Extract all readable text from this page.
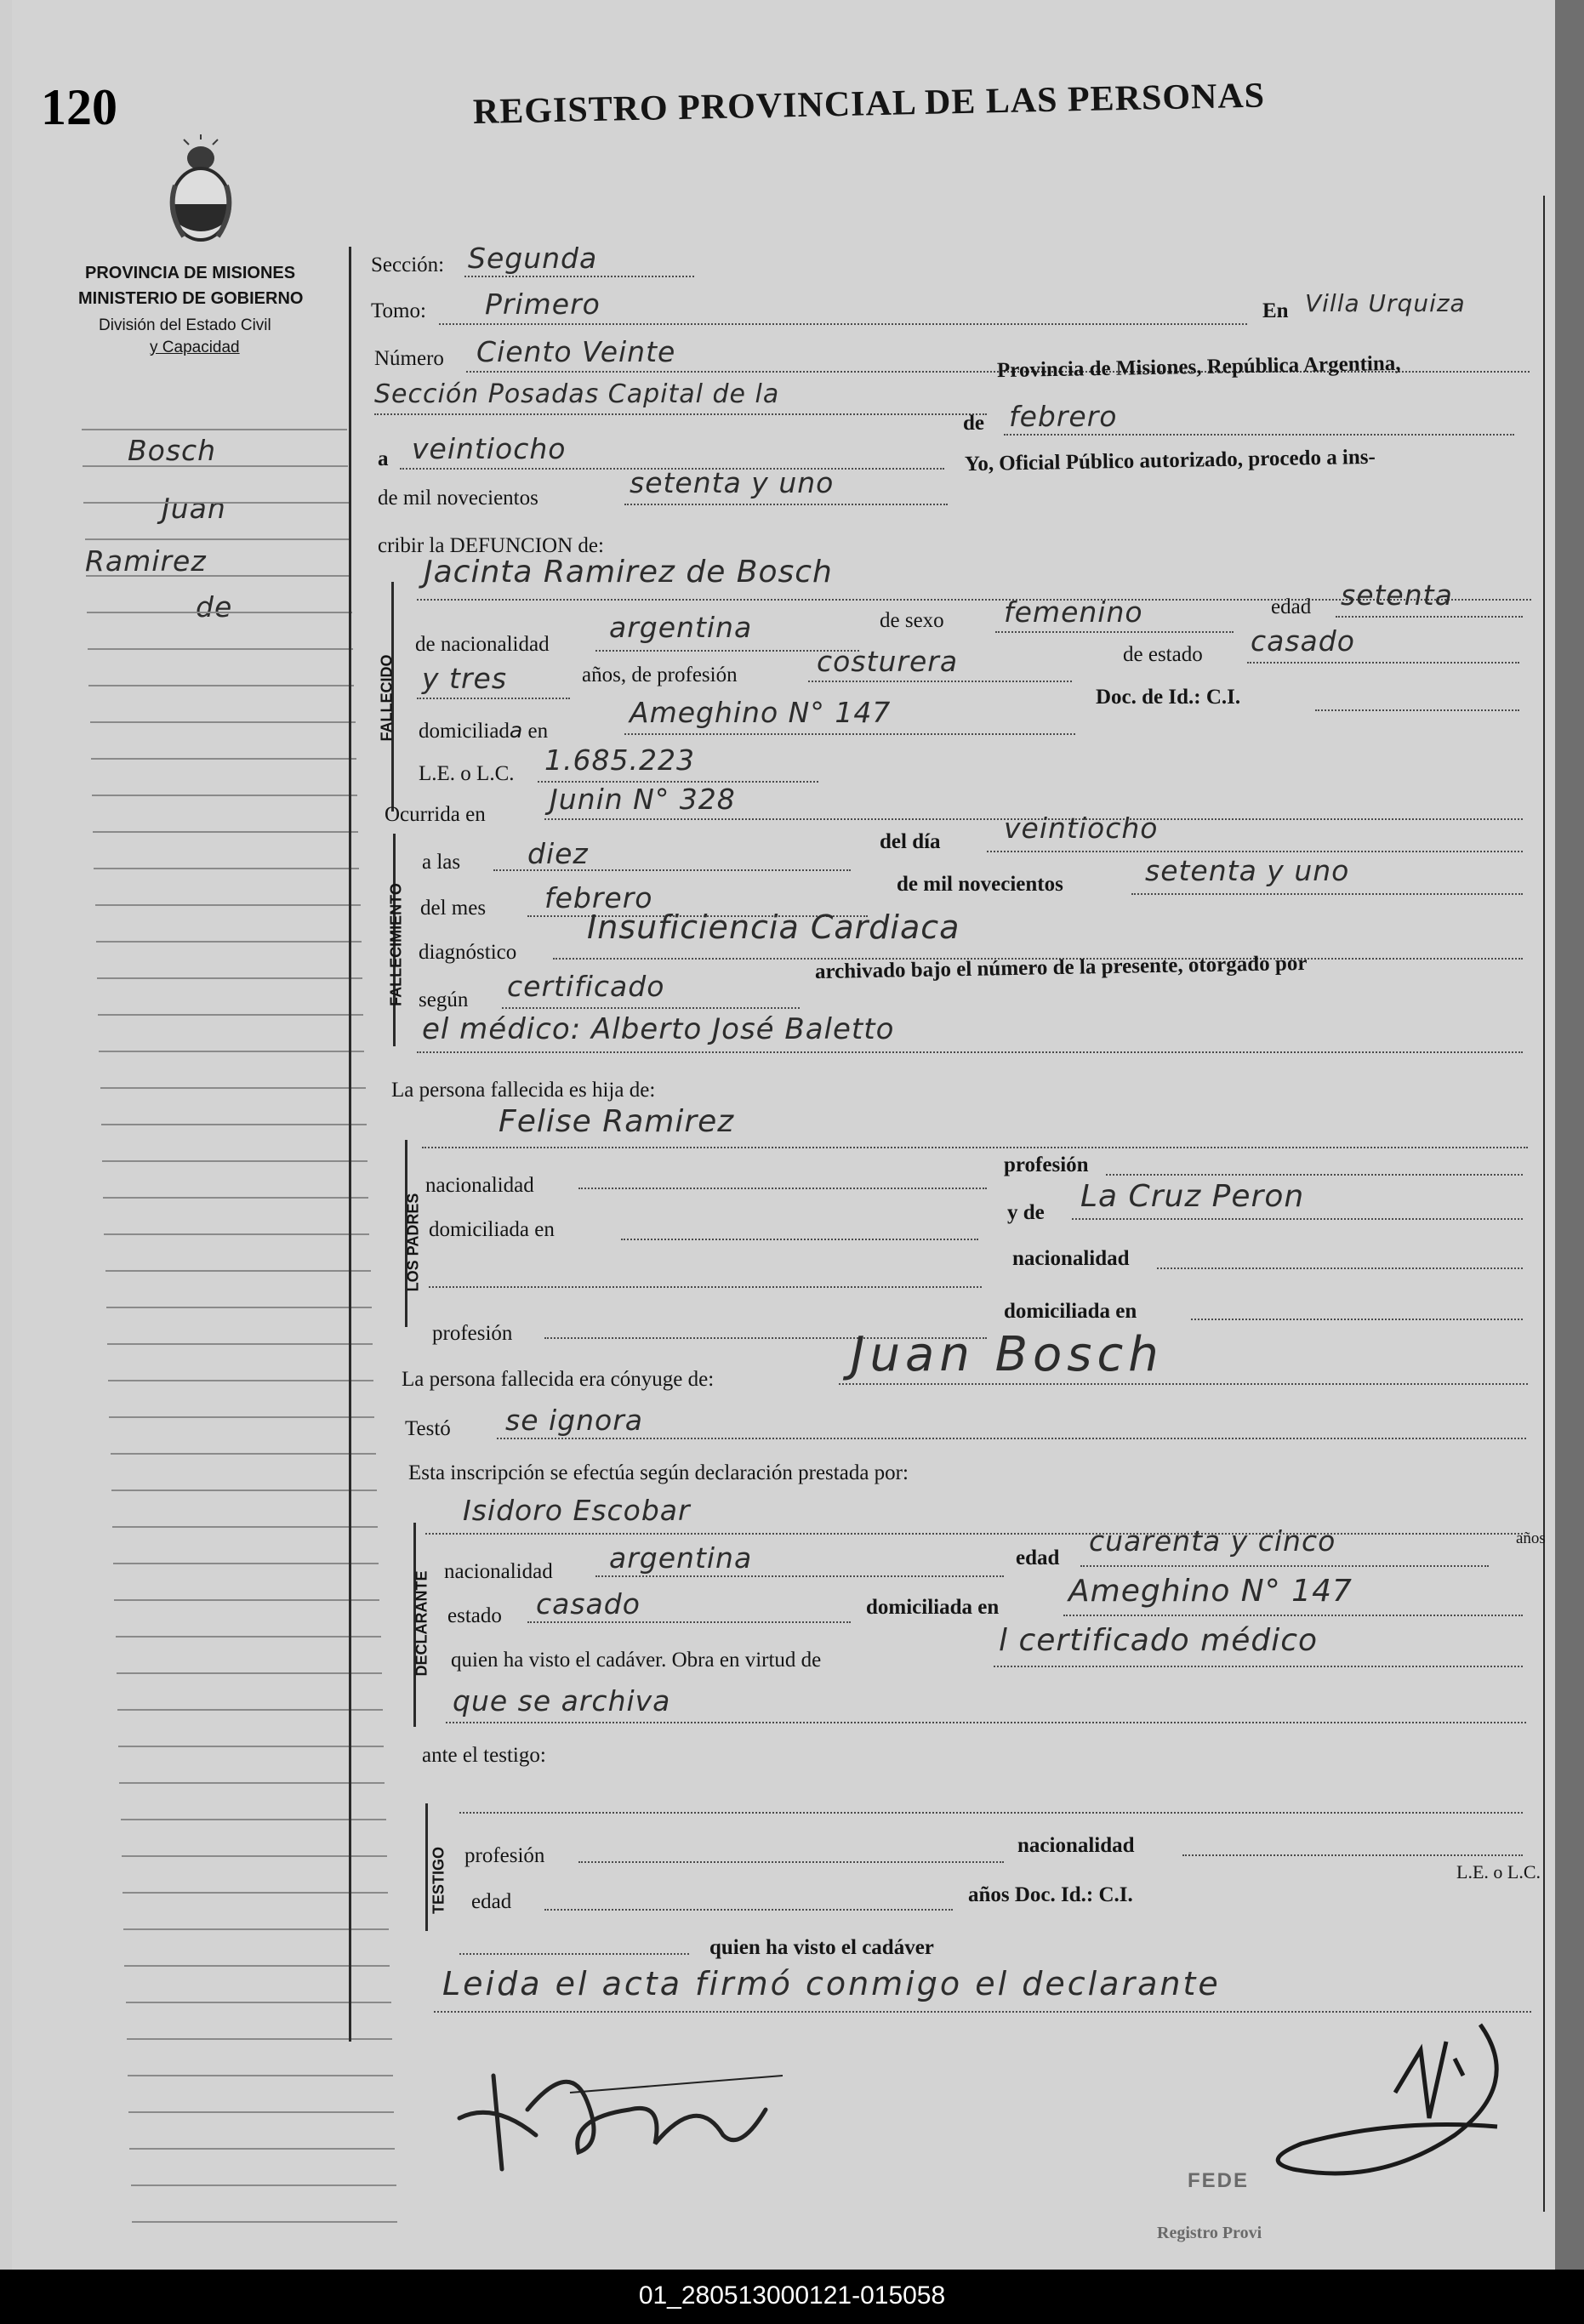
120	REGISTRO PROVINCIAL DE LAS PERSONAS
PROVINCIA DE MISIONES
MINISTERIO DE GOBIERNO
División del Estado Civil
y Capacidad
Bosch
Juan
Ramirez
de
Sección: Segunda
Tomo: Primero	En Villa Urquiza
Número Ciento Veinte
Sección Posadas Capital de la
Provincia de Misiones, República Argentina,
a veintiocho
de febrero
de mil novecientos	setenta y uno
Yo, Oficial Público autorizado, procedo a ins-
cribir la DEFUNCION de:
FALLECIDO
Jacinta Ramirez de Bosch
de nacionalidad
argentina	de sexo femenino	edad setenta
y tres	años, de profesión	costurera	de estado casado
domiciliada en
Ameghino N° 147	Doc. de Id.: C.I.
L.E. o L.C. 1.685.223
Ocurrida en Junin N° 328
FALLECIMIENTO
a las diez	del día veintiocho
del mes febrero	de mil novecientos	setenta y uno
diagnóstico
Insuficiencia Cardiaca
según certificado
archivado bajo el número de la presente, otorgado por
el médico: Alberto José Baletto
La persona fallecida es hija de:
Felise Ramirez
LOS PADRES
profesión
nacionalidad
domiciliada en
y de La Cruz Peron
nacionalidad
profesión
domiciliada en
La persona fallecida era cónyuge de:	Juan Bosch
Testó se ignora
Esta inscripción se efectúa según declaración prestada por:
Isidoro Escobar
DECLARANTE nacionalidad argentina	edad
cuarenta y cinco	años
estado casado	domiciliada en Ameghino N° 147
quien ha visto el cadáver. Obra en virtud de
l certificado médico
que se archiva
ante el testigo:
TESTIGO profesión	nacionalidad
edad	años Doc. Id.: C.I.
L.E. o L.C.
quien ha visto el cadáver
Leida el acta firmó conmigo el declarante
FEDE
Registro Provi
01_280513000121-015058
